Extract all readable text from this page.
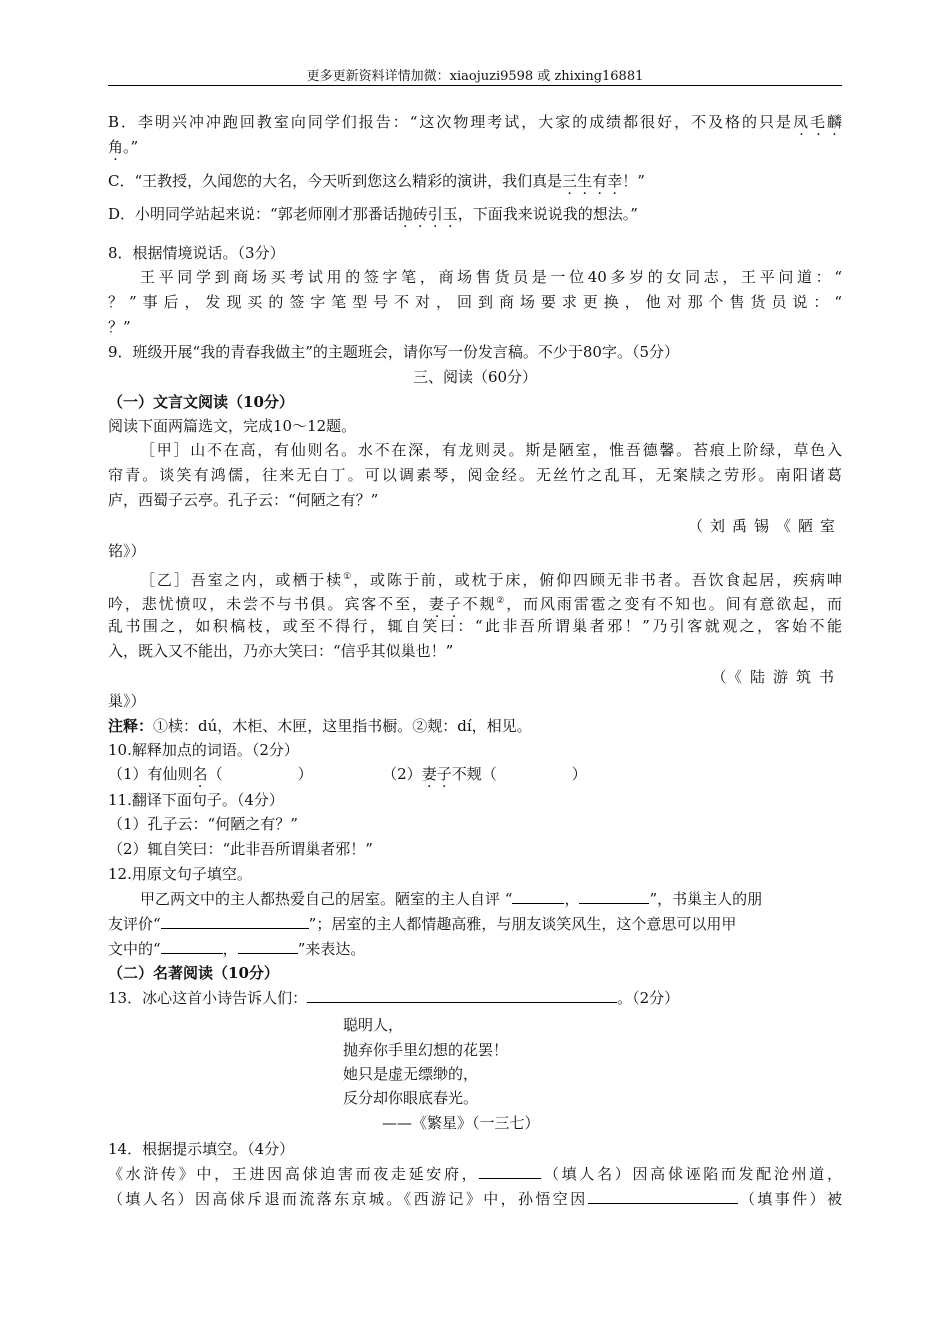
更多更新资料详情加微：xiaojuzi9598 或 zhixing16881
B．李明兴冲冲跑回教室向同学们报告：“这次物理考试，大家的成绩都很好，不及格的只是凤毛麟
角。”
C．“王教授，久闻您的大名，今天听到您这么精彩的演讲，我们真是三生有幸！”
D．小明同学站起来说：“郭老师刚才那番话抛砖引玉，下面我来说说我的想法。”
8．根据情境说话。（3分）
王平同学到商场买考试用的签字笔，商场售货员是一位40多岁的女同志，王平问道：“
？”事后，发现买的签字笔型号不对，回到商场要求更换，他对那个售货员说：“
？”
9．班级开展“我的青春我做主”的主题班会，请你写一份发言稿。不少于80字。（5分）
三、阅读（60分）
（一）文言文阅读（10分）
阅读下面两篇选文，完成10～12题。
［甲］山不在高，有仙则名。水不在深，有龙则灵。斯是陋室，惟吾德馨。苔痕上阶绿，草色入
帘青。谈笑有鸿儒，往来无白丁。可以调素琴，阅金经。无丝竹之乱耳，无案牍之劳形。南阳诸葛
庐，西蜀子云亭。孔子云：“何陋之有？”
（刘禹锡《陋室
铭》）
［乙］吾室之内，或栖于椟①，或陈于前，或枕于床，俯仰四顾无非书者。吾饮食起居，疾病呻
吟，悲忧愤叹，未尝不与书俱。宾客不至，妻子不觌②，而风雨雷雹之变有不知也。间有意欲起，而
乱书围之，如积槁枝，或至不得行，辄自笑曰：“此非吾所谓巢者邪！”乃引客就观之，客始不能
入，既入又不能出，乃亦大笑曰：“信乎其似巢也！”
（《陆游筑书
巢》）
注释：①椟：dú，木柜、木匣，这里指书橱。②觌：dí，相见。
10.解释加点的词语。（2分）
（1）有仙则名（　　　　　）	（2）妻子不觌（　　　　　）
11.翻译下面句子。（4分）
（1）孔子云：“何陋之有？”
（2）辄自笑曰：“此非吾所谓巢者邪！”
12.用原文句子填空。
甲乙两文中的主人都热爱自己的居室。陋室的主人自评 “	，	”，书巢主人的朋
友评价“	”；居室的主人都情趣高雅，与朋友谈笑风生，这个意思可以用甲
文中的“	，	”来表达。
（二）名著阅读（10分）
13．冰心这首小诗告诉人们：	。（2分）
聪明人，
抛弃你手里幻想的花罢！
她只是虚无缥缈的，
反分却你眼底春光。
——《繁星》（一三七）
14．根据提示填空。（4分）
《水浒传》中，王进因高俅迫害而夜走延安府，	（填人名）因高俅诬陷而发配沧州道，
（填人名）因高俅斥退而流落东京城。《西游记》中，孙悟空因	（填事件）被
